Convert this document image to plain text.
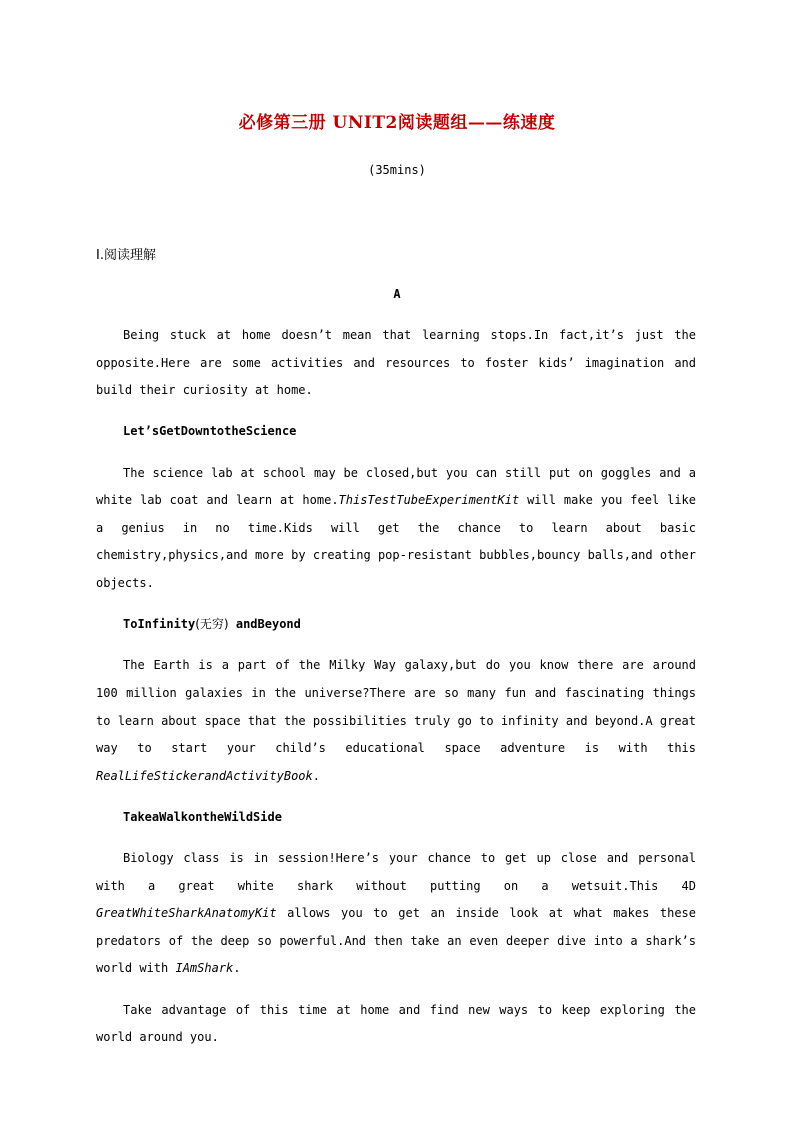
必修第三册 UNIT2阅读题组——练速度
(35mins)
Ⅰ.阅读理解
A

Being stuck at home doesn’t mean that learning stops.In fact,it’s just the opposite.Here are some activities and resources to foster kids’ imagination and build their curiosity at home.

Let’sGetDowntotheScience

The science lab at school may be closed,but you can still put on goggles and a white lab coat and learn at home.ThisTestTubeExperimentKit will make you feel like a genius in no time.Kids will get the chance to learn about basic chemistry,physics,and more by creating pop-resistant bubbles,bouncy balls,and other objects.

ToInfinity(无穷) andBeyond

The Earth is a part of the Milky Way galaxy,but do you know there are around 100 million galaxies in the universe?There are so many fun and fascinating things to learn about space that the possibilities truly go to infinity and beyond.A great way to start your child’s educational space adventure is with this RealLifeStickerandActivityBook.

TakeaWalkontheWildSide

Biology class is in session!Here’s your chance to get up close and personal with a great white shark without putting on a wetsuit.This 4D GreatWhiteSharkAnatomyKit allows you to get an inside look at what makes these predators of the deep so powerful.And then take an even deeper dive into a shark’s world with IAmShark.

Take advantage of this time at home and find new ways to keep exploring the world around you.
